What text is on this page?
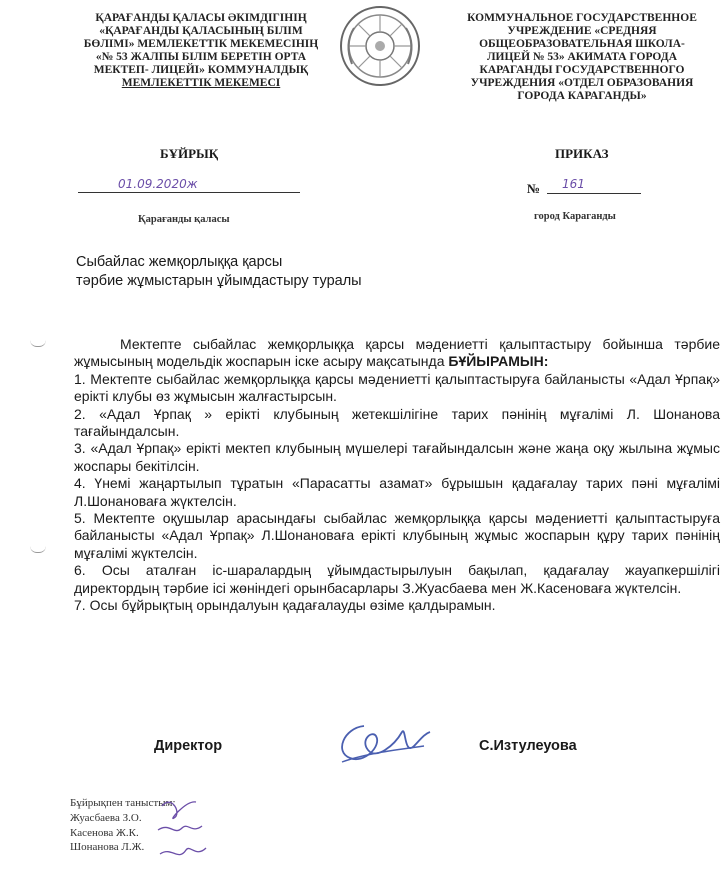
ҚАРАҒАНДЫ ҚАЛАСЫ ӘКІМДІГІНІҢ
«ҚАРАҒАНДЫ ҚАЛАСЫНЫҢ БІЛІМ
БӨЛІМІ» МЕМЛЕКЕТТІК МЕКЕМЕСІНІҢ
«№ 53 ЖАЛПЫ БІЛІМ БЕРЕТІН ОРТА
МЕКТЕП- ЛИЦЕЙІ» КОММУНАЛДЫҚ
МЕМЛЕКЕТТІК МЕКЕМЕСІ
КОММУНАЛЬНОЕ ГОСУДАРСТВЕННОЕ
УЧРЕЖДЕНИЕ «СРЕДНЯЯ
ОБЩЕОБРАЗОВАТЕЛЬНАЯ ШКОЛА-
ЛИЦЕЙ № 53» АКИМАТА ГОРОДА
КАРАГАНДЫ ГОСУДАРСТВЕННОГО
УЧРЕЖДЕНИЯ «ОТДЕЛ ОБРАЗОВАНИЯ
ГОРОДА КАРАГАНДЫ»
БҰЙРЫҚ	ПРИКАЗ
01.09.2020ж	№ 161
Қарағанды қаласы	город Караганды
Сыбайлас жемқорлыққа қарсы
тәрбие жұмыстарын ұйымдастыру туралы

Мектепте сыбайлас жемқорлыққа қарсы мәдениетті қалыптастыру бойынша тәрбие жұмысының модельдік жоспарын іске асыру мақсатында БҰЙЫРАМЫН:

1. Мектепте сыбайлас жемқорлыққа қарсы мәдениетті қалыптастыруға байланысты «Адал Ұрпақ» ерікті клубы өз жұмысын жалғастырсын.

2. «Адал Ұрпақ » ерікті клубының жетекшілігіне тарих пәнінің мұғалімі Л. Шонанова тағайындалсын.

3. «Адал Ұрпақ» ерікті мектеп клубының мүшелері тағайындалсын және жаңа оқу жылына жұмыс жоспары бекітілсін.

4. Үнемі жаңартылып тұратын «Парасатты азамат» бұрышын қадағалау тарих пәні мұғалімі Л.Шонановаға жүктелсін.

5. Мектепте оқушылар арасындағы сыбайлас жемқорлыққа қарсы мәдениетті қалыптастыруға байланысты «Адал Ұрпақ» Л.Шонановаға ерікті клубының жұмыс жоспарын құру тарих пәнінің мұғалімі жүктелсін.

6. Осы аталған іс-шаралардың ұйымдастырылуын бақылап, қадағалау жауапкершілігі директордың тәрбие ісі жөніндегі орынбасарлары З.Жуасбаева мен Ж.Касеноваға жүктелсін.

7. Осы бұйрықтың орындалуын қадағалауды өзіме қалдырамын.

Директор	С.Изтулеуова
Бұйрықпен таныстым:
Жуасбаева З.О.
Касенова Ж.К.
Шонанова Л.Ж.
